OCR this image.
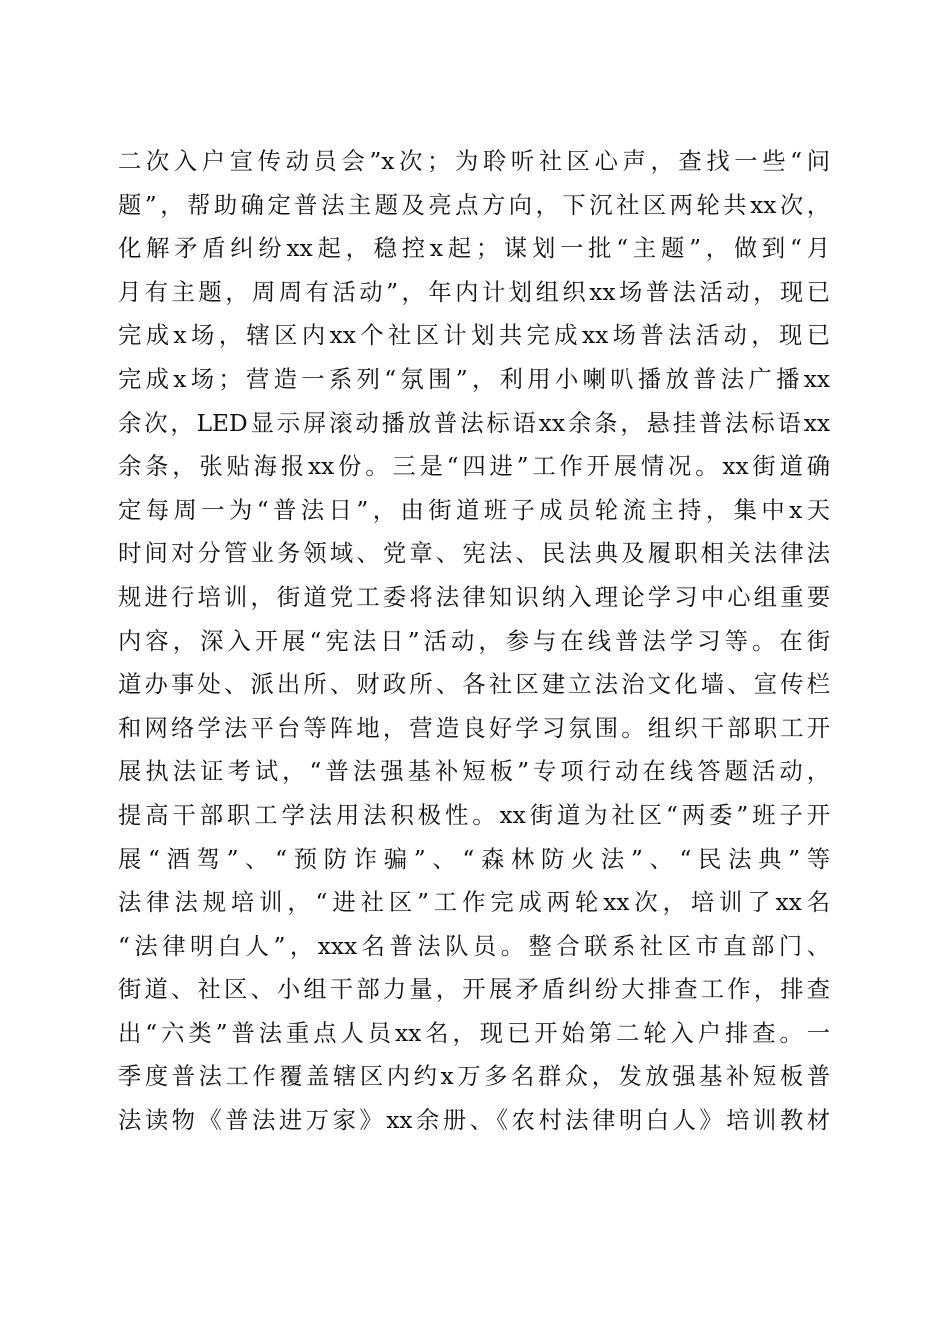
二次入户宣传动员会”x次；为聆听社区心声，查找一些“问
题”，帮助确定普法主题及亮点方向，下沉社区两轮共xx次，
化解矛盾纠纷xx起，稳控x起；谋划一批“主题”，做到“月
月有主题，周周有活动”，年内计划组织xx场普法活动，现已
完成x场，辖区内xx个社区计划共完成xx场普法活动，现已
完成x场；营造一系列“氛围”，利用小喇叭播放普法广播xx
余次，LED显示屏滚动播放普法标语xx余条，悬挂普法标语xx
余条，张贴海报xx份。三是“四进”工作开展情况。xx街道确
定每周一为“普法日”，由街道班子成员轮流主持，集中x天
时间对分管业务领域、党章、宪法、民法典及履职相关法律法
规进行培训，街道党工委将法律知识纳入理论学习中心组重要
内容，深入开展“宪法日”活动，参与在线普法学习等。在街
道办事处、派出所、财政所、各社区建立法治文化墙、宣传栏
和网络学法平台等阵地，营造良好学习氛围。组织干部职工开
展执法证考试，“普法强基补短板”专项行动在线答题活动，
提高干部职工学法用法积极性。xx街道为社区“两委”班子开
展“酒驾”、“预防诈骗”、“森林防火法”、“民法典”等
法律法规培训，“进社区”工作完成两轮xx次，培训了xx名
“法律明白人”，xxx名普法队员。整合联系社区市直部门、
街道、社区、小组干部力量，开展矛盾纠纷大排查工作，排查
出“六类”普法重点人员xx名，现已开始第二轮入户排查。一
季度普法工作覆盖辖区内约x万多名群众，发放强基补短板普
法读物《普法进万家》xx余册、《农村法律明白人》培训教材
